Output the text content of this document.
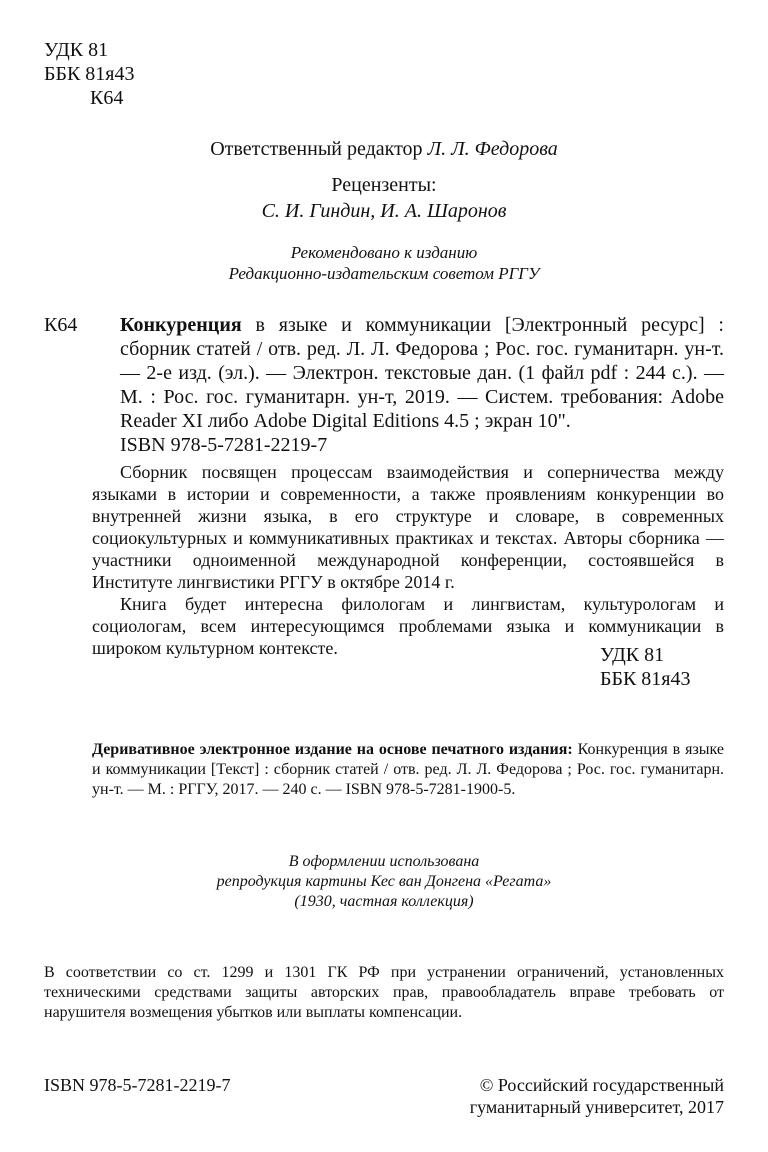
УДК 81
ББК 81я43
К64
Ответственный редактор Л. Л. Федорова
Рецензенты:
С. И. Гиндин, И. А. Шаронов
Рекомендовано к изданию
Редакционно-издательским советом РГГУ
К64 Конкуренция в языке и коммуникации [Электронный ресурс] : сборник статей / отв. ред. Л. Л. Федорова ; Рос. гос. гуманитарн. ун-т. — 2-е изд. (эл.). — Электрон. текстовые дан. (1 файл pdf : 244 с.). — М. : Рос. гос. гуманитарн. ун-т, 2019. — Систем. требования: Adobe Reader XI либо Adobe Digital Editions 4.5 ; экран 10".
ISBN 978-5-7281-2219-7

Сборник посвящен процессам взаимодействия и соперничества между языками в истории и современности, а также проявлениям конкуренции во внутренней жизни языка, в его структуре и словаре, в современных социокультурных и коммуникативных практиках и текстах. Авторы сборника — участники одноименной международной конференции, состоявшейся в Институте лингвистики РГГУ в октябре 2014 г.

Книга будет интересна филологам и лингвистам, культурологам и социологам, всем интересующимся проблемами языка и коммуникации в широком культурном контексте.	УДК 81
ББК 81я43
Деривативное электронное издание на основе печатного издания: Конкуренция в языке и коммуникации [Текст] : сборник статей / отв. ред. Л. Л. Федорова ; Рос. гос. гуманитарн. ун-т. — М. : РГГУ, 2017. — 240 с. — ISBN 978-5-7281-1900-5.
В оформлении использована
репродукция картины Кес ван Донгена «Регата»
(1930, частная коллекция)
В соответствии со ст. 1299 и 1301 ГК РФ при устранении ограничений, установленных техническими средствами защиты авторских прав, правообладатель вправе требовать от нарушителя возмещения убытков или выплаты компенсации.
ISBN 978-5-7281-2219-7	© Российский государственный
гуманитарный университет, 2017
